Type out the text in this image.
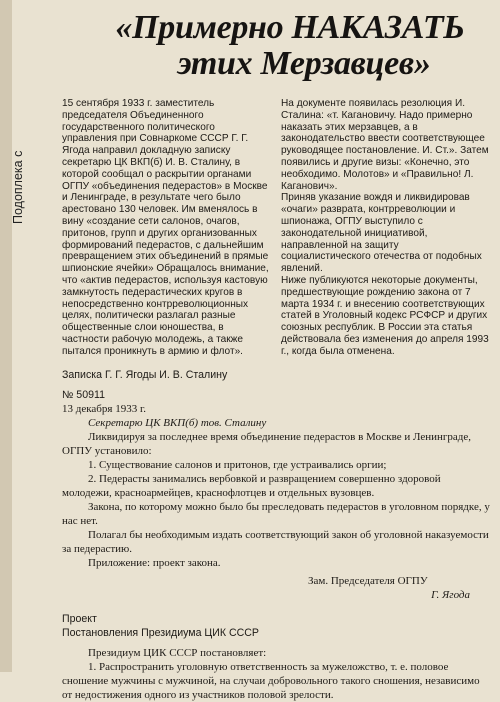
Подоплека с
«Примерно НАКАЗАТЬ
этих Мерзавцев»

15 сентября 1933 г. заместитель председателя Объединенного государственного политического управления при Совнаркоме СССР Г. Г. Ягода направил докладную записку секретарю ЦК ВКП(б) И. В. Сталину, в которой сообщал о раскрытии органами ОГПУ «объединения педерастов» в Москве и Ленинграде, в результате чего было арестовано 130 человек. Им вменялось в вину «создание сети салонов, очагов, притонов, групп и других организованных формирований педерастов, с дальнейшим превращением этих объединений в прямые шпионские ячейки» Обращалось внимание, что «актив педерастов, используя кастовую замкнутость педерастических кругов в непосредственно контрреволюционных целях, политически разлагал разные общественные слои юношества, в частности рабочую молодежь, а также пытался проникнуть в армию и флот».

На документе появилась резолюция И. Сталина: «т. Кагановичу. Надо примерно наказать этих мерзавцев, а в законодательство ввести соответствующее руководящее постановление. И. Ст.». Затем появились и другие визы: «Конечно, это необходимо. Молотов» и «Правильно! Л. Каганович».

Приняв указание вождя и ликвидировав «очаги» разврата, контрреволюции и шпионажа, ОГПУ выступило с законодательной инициативой, направленной на защиту социалистического отечества от подобных явлений.

Ниже публикуются некоторые документы, предшествующие рождению закона от 7 марта 1934 г. и внесению соответствующих статей в Уголовный кодекс РСФСР и других союзных республик. В России эта статья действовала без изменения до апреля 1993 г., когда была отменена.

Записка Г. Г. Ягоды И. В. Сталину

№ 50911

13 декабря 1933 г.

Секретарю ЦК ВКП(б) тов. Сталину

Ликвидируя за последнее время объединение педерастов в Москве и Ленинграде, ОГПУ установило:

1. Существование салонов и притонов, где устраивались оргии;

2. Педерасты занимались вербовкой и развращением совершенно здоровой молодежи, красноармейцев, краснофлотцев и отдельных вузовцев.

Закона, по которому можно было бы преследовать педерастов в уголовном порядке, у нас нет.

Полагал бы необходимым издать соответствующий закон об уголовной наказуемости за педерастию.

Приложение: проект закона.

Зам. Председателя ОГПУ

Г. Ягода

Проект

Постановления Президиума ЦИК СССР

Президиум ЦИК СССР постановляет:

1. Распространить уголовную ответственность за мужеложство, т. е. половое сношение мужчины с мужчиной, на случаи добровольного такого сношения, независимо от недостижения одного из участников половой зрелости.
